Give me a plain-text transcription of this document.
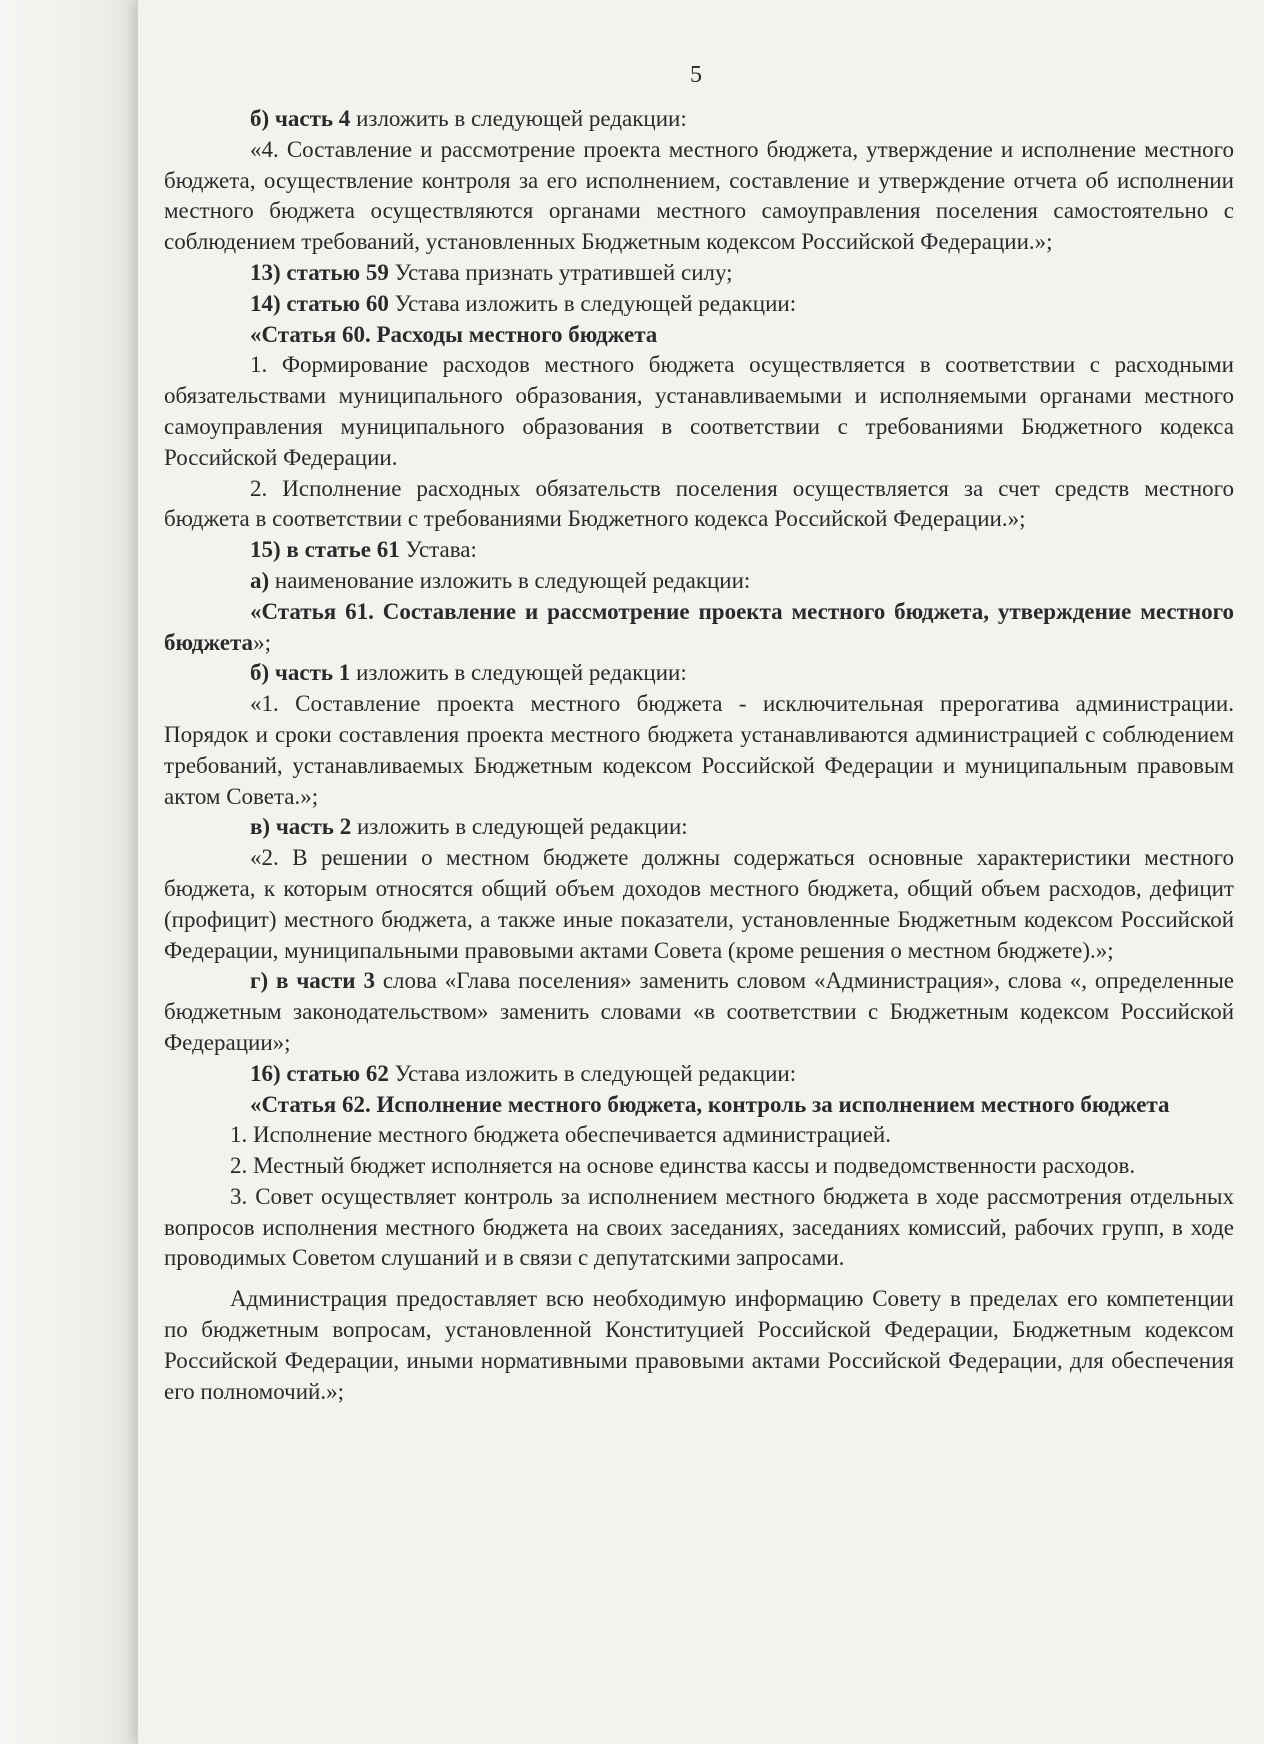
5

б) часть 4 изложить в следующей редакции:

«4. Составление и рассмотрение проекта местного бюджета, утверждение и исполнение местного бюджета, осуществление контроля за его исполнением, составление и утверждение отчета об исполнении местного бюджета осуществляются органами местного самоуправления поселения самостоятельно с соблюдением требований, установленных Бюджетным кодексом Российской Федерации.»;

13) статью 59 Устава признать утратившей силу;

14) статью 60 Устава изложить в следующей редакции:

«Статья 60. Расходы местного бюджета

1. Формирование расходов местного бюджета осуществляется в соответствии с расходными обязательствами муниципального образования, устанавливаемыми и исполняемыми органами местного самоуправления муниципального образования в соответствии с требованиями Бюджетного кодекса Российской Федерации.

2. Исполнение расходных обязательств поселения осуществляется за счет средств местного бюджета в соответствии с требованиями Бюджетного кодекса Российской Федерации.»;

15) в статье 61 Устава:

а) наименование изложить в следующей редакции:

«Статья 61. Составление и рассмотрение проекта местного бюджета, утверждение местного бюджета»;

б) часть 1 изложить в следующей редакции:

«1. Составление проекта местного бюджета - исключительная прерогатива администрации. Порядок и сроки составления проекта местного бюджета устанавливаются администрацией с соблюдением требований, устанавливаемых Бюджетным кодексом Российской Федерации и муниципальным правовым актом Совета.»;

в) часть 2 изложить в следующей редакции:

«2. В решении о местном бюджете должны содержаться основные характеристики местного бюджета, к которым относятся общий объем доходов местного бюджета, общий объем расходов, дефицит (профицит) местного бюджета, а также иные показатели, установленные Бюджетным кодексом Российской Федерации, муниципальными правовыми актами Совета (кроме решения о местном бюджете).»;

г) в части 3 слова «Глава поселения» заменить словом «Администрация», слова «, определенные бюджетным законодательством» заменить словами «в соответствии с Бюджетным кодексом Российской Федерации»;

16) статью 62 Устава изложить в следующей редакции:

«Статья 62. Исполнение местного бюджета, контроль за исполнением местного бюджета

1. Исполнение местного бюджета обеспечивается администрацией.

2. Местный бюджет исполняется на основе единства кассы и подведомственности расходов.

3. Совет осуществляет контроль за исполнением местного бюджета в ходе рассмотрения отдельных вопросов исполнения местного бюджета на своих заседаниях, заседаниях комиссий, рабочих групп, в ходе проводимых Советом слушаний и в связи с депутатскими запросами.

Администрация предоставляет всю необходимую информацию Совету в пределах его компетенции по бюджетным вопросам, установленной Конституцией Российской Федерации, Бюджетным кодексом Российской Федерации, иными нормативными правовыми актами Российской Федерации, для обеспечения его полномочий.»;
